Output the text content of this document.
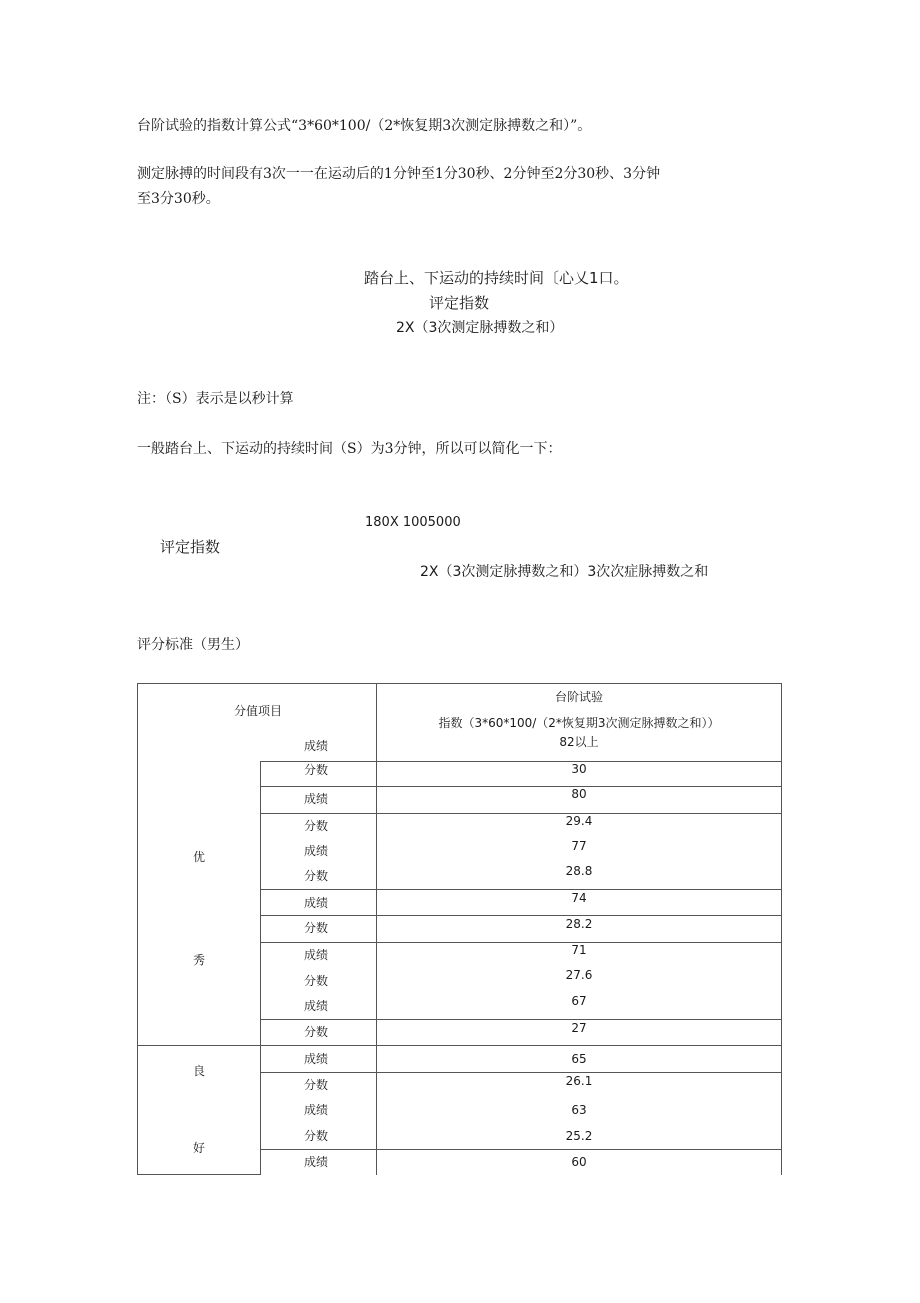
台阶试验的指数计算公式“3*60*100/（2*恢复期3次测定脉搏数之和）”。
测定脉搏的时间段有3次一一在运动后的1分钟至1分30秒、2分钟至2分30秒、3分钟
至3分30秒。
踏台上、下运动的持续时间〔心乂1口。
评定指数
2X（3次测定脉搏数之和）
注：（S）表示是以秒计算
一般踏台上、下运动的持续时间（S）为3分钟，所以可以简化一下：
180X 1005000
评定指数
2X（3次测定脉搏数之和）3次次症脉搏数之和
评分标准（男生）
分值项目
台阶试验
指数（3*60*100/（2*恢复期3次测定脉搏数之和））
优
秀
良
好
成绩	82以上
分数	30
成绩	80
分数	29.4
成绩	77
分数	28.8
成绩	74
分数	28.2
成绩	71
分数	27.6
成绩	67
分数	27
成绩	65
分数	26.1
成绩	63
分数	25.2
成绩	60
